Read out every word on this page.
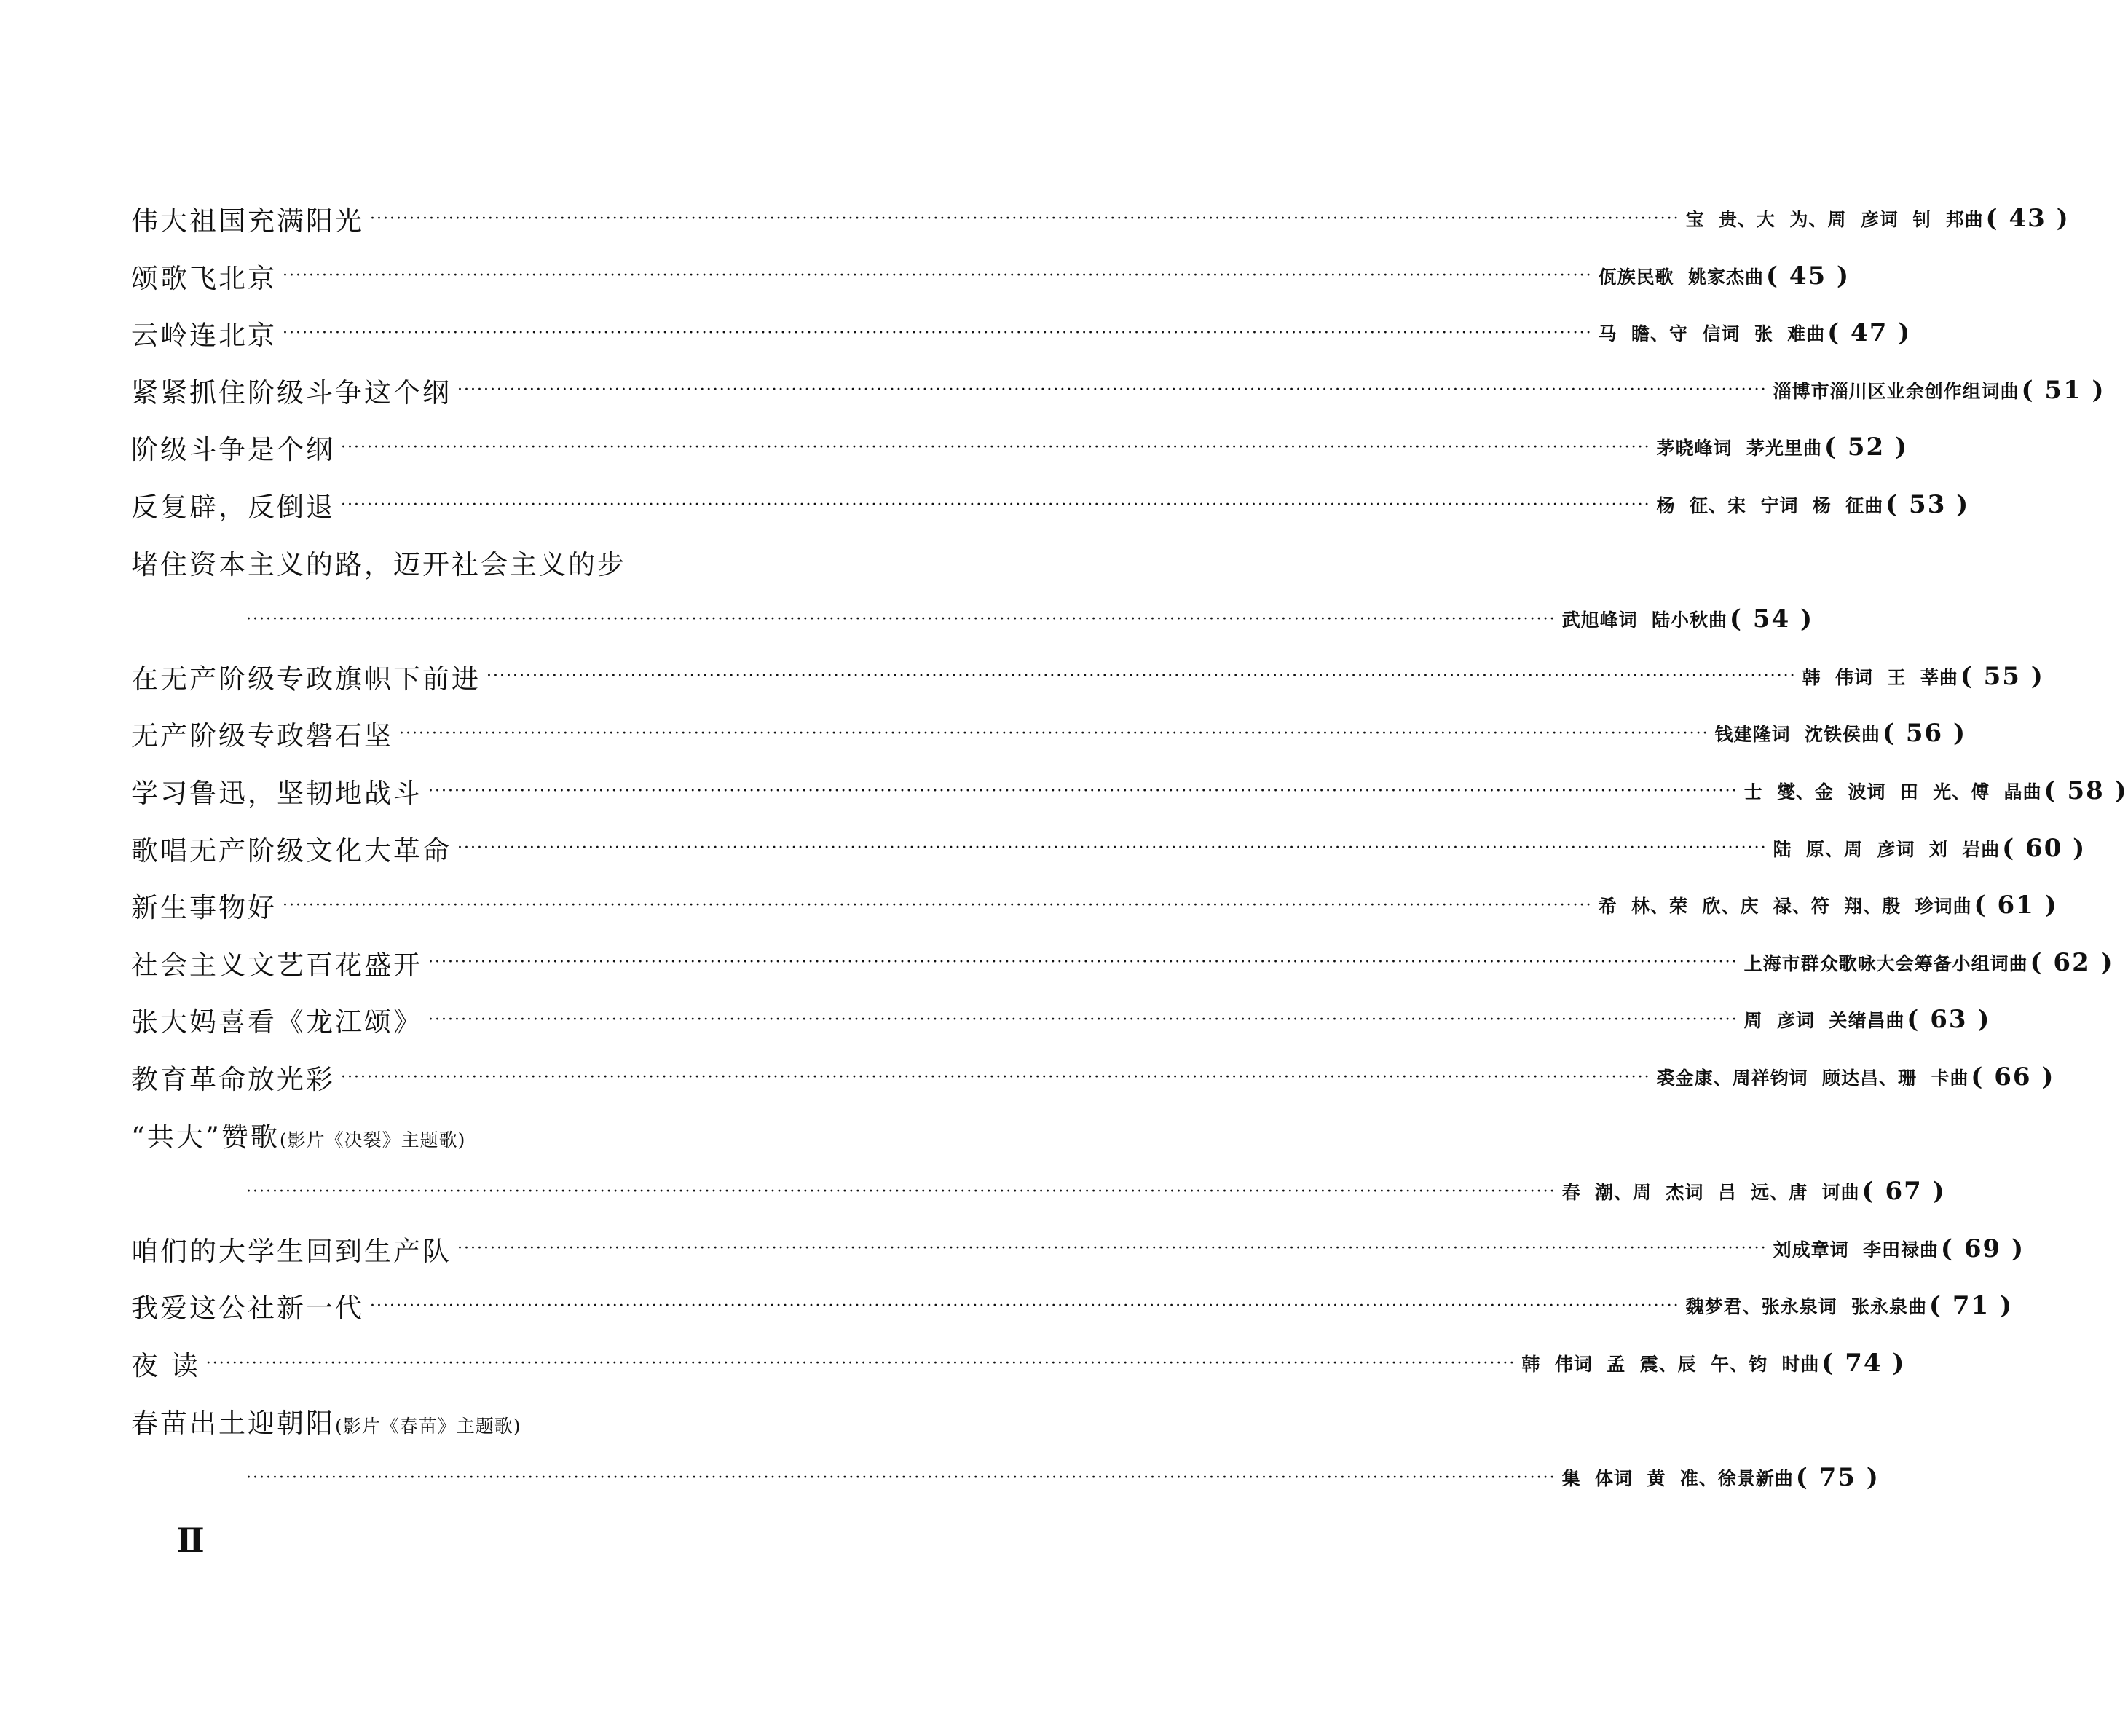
伟大祖国充满阳光 ········································································································································································································ 宝  贵、大  为、周  彦词  钊  邦曲 ( 43 )
颂歌飞北京 ········································································································································································································ 佤族民歌  姚家杰曲 ( 45 )
云岭连北京 ········································································································································································································ 马  瞻、守  信词  张  难曲 ( 47 )
紧紧抓住阶级斗争这个纲 ········································································································································································································ 淄博市淄川区业余创作组词曲 ( 51 )
阶级斗争是个纲 ········································································································································································································ 茅晓峰词  茅光里曲 ( 52 )
反复辟，反倒退 ········································································································································································································ 杨  征、宋  宁词  杨  征曲 ( 53 )
堵住资本主义的路，迈开社会主义的步
········································································································································································································ 武旭峰词  陆小秋曲 ( 54 )
在无产阶级专政旗帜下前进 ········································································································································································································ 韩  伟词  王  莘曲 ( 55 )
无产阶级专政磐石坚 ········································································································································································································ 钱建隆词  沈铁侯曲 ( 56 )
学习鲁迅，坚韧地战斗 ········································································································································································································ 士  燮、金  波词  田  光、傅  晶曲 ( 58 )
歌唱无产阶级文化大革命 ········································································································································································································ 陆  原、周  彦词  刘  岩曲 ( 60 )
新生事物好 ········································································································································································································ 希  林、荣  欣、庆  禄、符  翔、殷  珍词曲 ( 61 )
社会主义文艺百花盛开 ········································································································································································································ 上海市群众歌咏大会筹备小组词曲 ( 62 )
张大妈喜看《龙江颂》 ········································································································································································································ 周  彦词  关绪昌曲 ( 63 )
教育革命放光彩 ········································································································································································································ 裘金康、周祥钧词  顾达昌、珊  卡曲 ( 66 )
“共大”赞歌(影片《决裂》主题歌)
········································································································································································································ 春  潮、周  杰词  吕  远、唐  诃曲 ( 67 )
咱们的大学生回到生产队 ········································································································································································································ 刘成章词  李田禄曲 ( 69 )
我爱这公社新一代 ········································································································································································································ 魏梦君、张永泉词  张永泉曲 ( 71 )
夜 读 ········································································································································································································ 韩  伟词  孟  震、辰  午、钧  时曲 ( 74 )
春苗出土迎朝阳(影片《春苗》主题歌)
········································································································································································································ 集  体词  黄  准、徐景新曲 ( 75 )
Ⅱ
